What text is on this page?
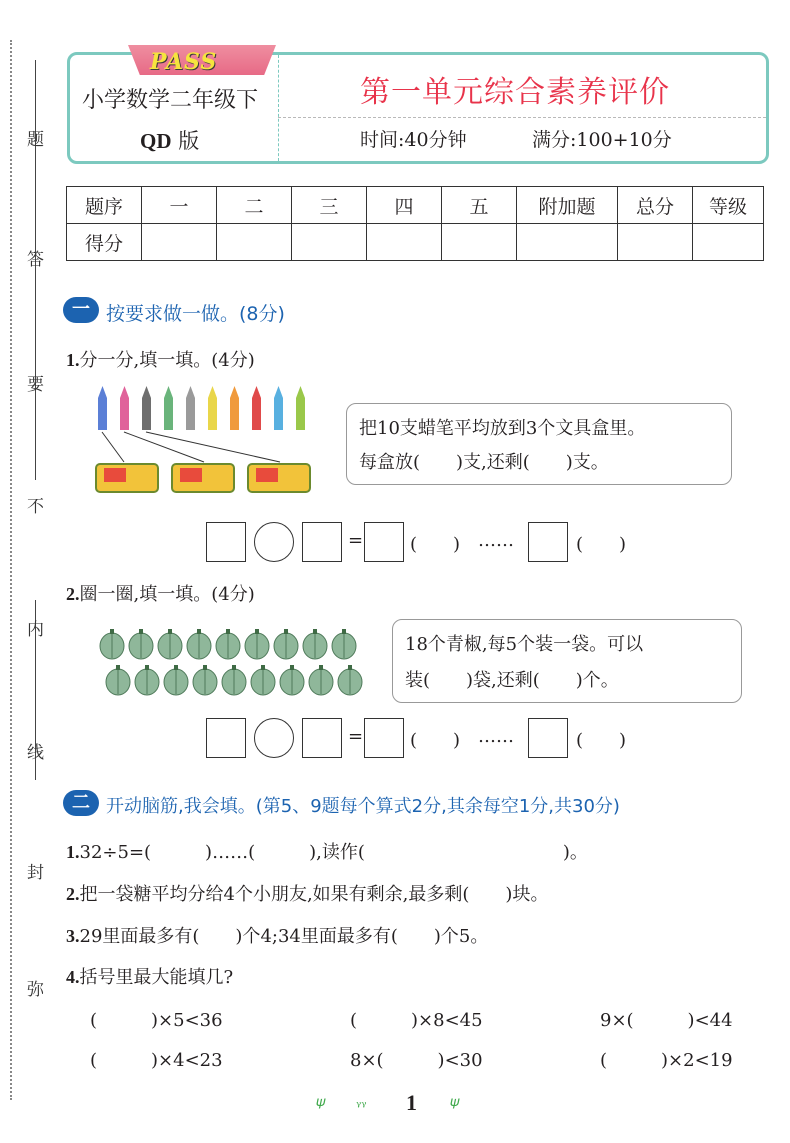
题
答
要
不
内
线
封
弥
PASS
小学数学二年级下
QD 版
第一单元综合素养评价
时间:40分钟	满分:100+10分
题序	一	二	三	四	五	附加题	总分	等级
得分								
一 按要求做一做。(8分)
1.分一分,填一填。(4分)
把10支蜡笔平均放到3个文具盒里。
每盒放(　　)支,还剩(　　)支。
=	(　　) ……	(　　)
2.圈一圈,填一填。(4分)
18个青椒,每5个装一袋。可以
装(　　)袋,还剩(　　)个。
=	(　　) ……	(　　)
二 开动脑筋,我会填。(第5、9题每个算式2分,其余每空1分,共30分)
1.32÷5=(　　　)……(　　　),读作(　　　　　　　　　　　)。
2.把一袋糖平均分给4个小朋友,如果有剩余,最多剩(　　)块。
3.29里面最多有(　　)个4;34里面最多有(　　)个5。
4.括号里最大能填几?
(　　　)×5<36	(　　　)×8<45	9×(　　　)<44
(　　　)×4<23	8×(　　　)<30	(　　　)×2<19
𝜓 ᵧᵧ 1 𝜓
